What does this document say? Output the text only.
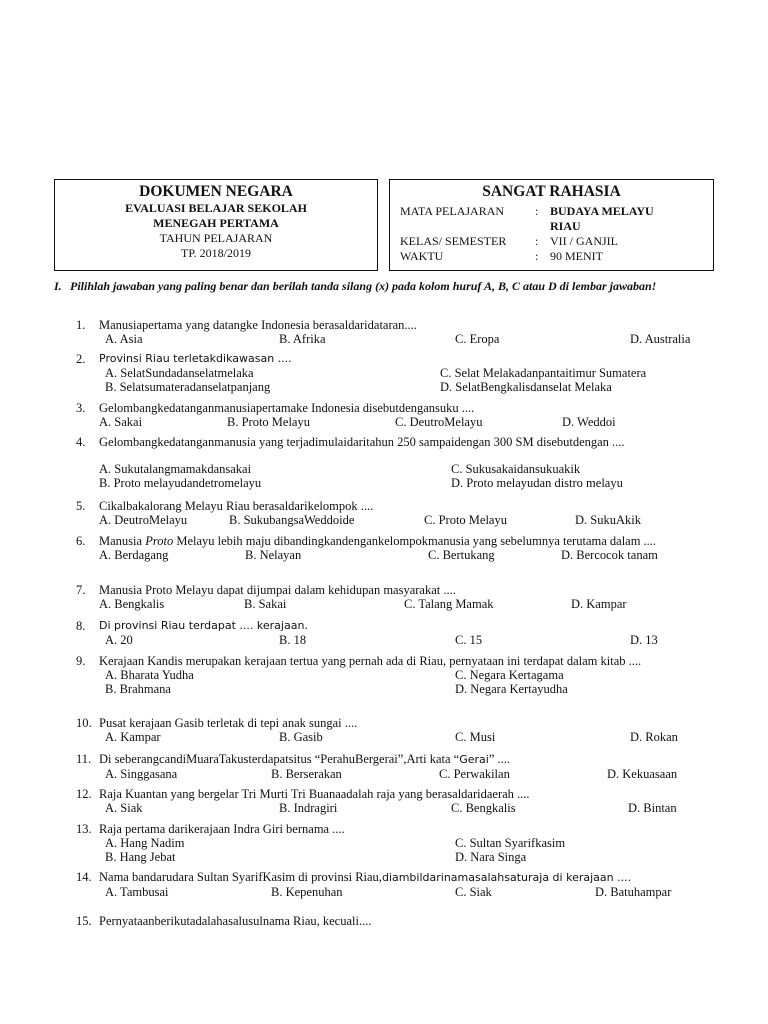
DOKUMEN NEGARA
EVALUASI BELAJAR SEKOLAH
MENEGAH PERTAMA
TAHUN PELAJARAN
TP. 2018/2019
SANGAT RAHASIA
MATA PELAJARAN	: BUDAYA MELAYU
RIAU
KELAS/ SEMESTER : VII / GANJIL
WAKTU	: 90 MENIT
I. Pilihlah jawaban yang paling benar dan berilah tanda silang (x) pada kolom huruf A, B, C atau D di lembar jawaban!
1. Manusiapertama yang datangke Indonesia berasaldaridataran....
A. Asia	B. Afrika	C. Eropa	D. Australia
2. Provinsi Riau terletakdikawasan ....
A. SelatSundadanselatmelaka	C. Selat Melakadanpantaitimur Sumatera
B. Selatsumateradanselatpanjang	D. SelatBengkalisdanselat Melaka
3. Gelombangkedatanganmanusiapertamake Indonesia disebutdengansuku ....
A. Sakai	B. Proto Melayu	C. DeutroMelayu	D. Weddoi
4. Gelombangkedatanganmanusia yang terjadimulaidaritahun 250 sampaidengan 300 SM disebutdengan ....
A. Sukutalangmamakdansakai	C. Sukusakaidansukuakik
B. Proto melayudandetromelayu	D. Proto melayudan distro melayu
5. Cikalbakalorang Melayu Riau berasaldarikelompok ....
A. DeutroMelayu	B. SukubangsaWeddoide	C. Proto Melayu	D. SukuAkik
6. Manusia Proto Melayu lebih maju dibandingkandengankelompokmanusia yang sebelumnya terutama dalam ....
A. Berdagang	B. Nelayan	C. Bertukang	D. Bercocok tanam
7. Manusia Proto Melayu dapat dijumpai dalam kehidupan masyarakat ....
A. Bengkalis	B. Sakai	C. Talang Mamak	D. Kampar
8. Di provinsi Riau terdapat .... kerajaan.
A. 20	B. 18	C. 15	D. 13
9. Kerajaan Kandis merupakan kerajaan tertua yang pernah ada di Riau, pernyataan ini terdapat dalam kitab ....
A. Bharata Yudha	C. Negara Kertagama
B. Brahmana	D. Negara Kertayudha
10. Pusat kerajaan Gasib terletak di tepi anak sungai ....
A. Kampar	B. Gasib	C. Musi	D. Rokan
11. Di seberangcandiMuaraTakusterdapatsitus “PerahuBergerai”,Arti kata “Gerai” ....
A. Singgasana	B. Berserakan	C. Perwakilan	D. Kekuasaan
12. Raja Kuantan yang bergelar Tri Murti Tri Buanaadalah raja yang berasaldaridaerah ....
A. Siak	B. Indragiri	C. Bengkalis	D. Bintan
13. Raja pertama darikerajaan Indra Giri bernama ....
A. Hang Nadim	C. Sultan Syarifkasim
B. Hang Jebat	D. Nara Singa
14. Nama bandarudara Sultan SyarifKasim di provinsi Riau,diambildarinamasalahsaturaja di kerajaan ....
A. Tambusai	B. Kepenuhan	C. Siak	D. Batuhampar
15. Pernyataanberikutadalahasalusulnama Riau, kecuali....
